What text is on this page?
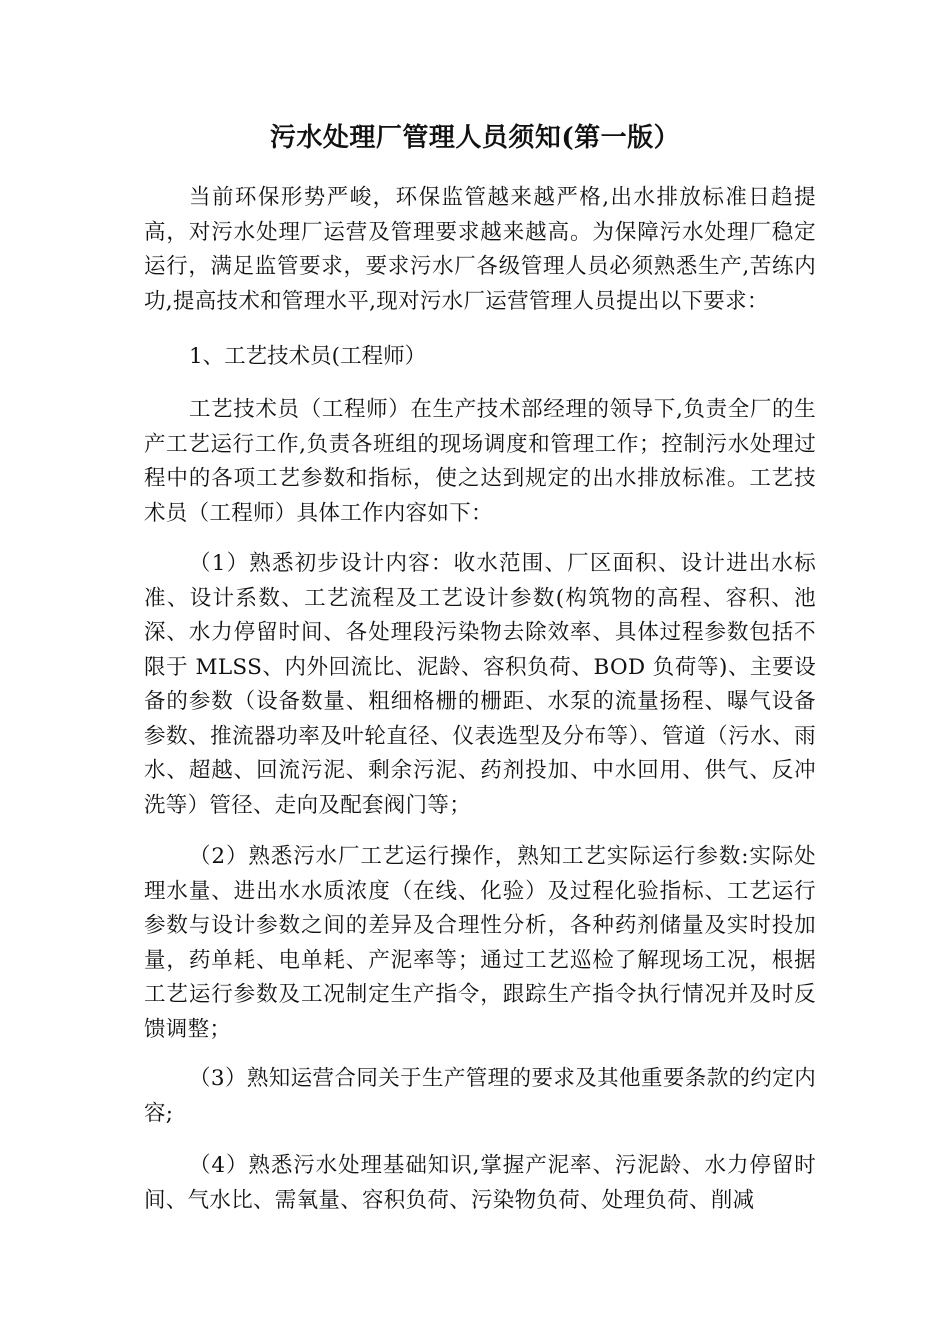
污水处理厂管理人员须知(第一版）

当前环保形势严峻，环保监管越来越严格,出水排放标准日趋提高，对污水处理厂运营及管理要求越来越高。为保障污水处理厂稳定运行，满足监管要求，要求污水厂各级管理人员必须熟悉生产,苦练内功,提高技术和管理水平,现对污水厂运营管理人员提出以下要求：

1、工艺技术员(工程师）

工艺技术员（工程师）在生产技术部经理的领导下,负责全厂的生产工艺运行工作,负责各班组的现场调度和管理工作；控制污水处理过程中的各项工艺参数和指标，使之达到规定的出水排放标准。工艺技术员（工程师）具体工作内容如下：

（1）熟悉初步设计内容：收水范围、厂区面积、设计进出水标准、设计系数、工艺流程及工艺设计参数(构筑物的高程、容积、池深、水力停留时间、各处理段污染物去除效率、具体过程参数包括不限于 MLSS、内外回流比、泥龄、容积负荷、BOD 负荷等)、主要设备的参数（设备数量、粗细格栅的栅距、水泵的流量扬程、曝气设备参数、推流器功率及叶轮直径、仪表选型及分布等）、管道（污水、雨水、超越、回流污泥、剩余污泥、药剂投加、中水回用、供气、反冲洗等）管径、走向及配套阀门等；

（2）熟悉污水厂工艺运行操作，熟知工艺实际运行参数:实际处理水量、进出水水质浓度（在线、化验）及过程化验指标、工艺运行参数与设计参数之间的差异及合理性分析，各种药剂储量及实时投加量，药单耗、电单耗、产泥率等；通过工艺巡检了解现场工况，根据工艺运行参数及工况制定生产指令，跟踪生产指令执行情况并及时反馈调整；

（3）熟知运营合同关于生产管理的要求及其他重要条款的约定内容;

（4）熟悉污水处理基础知识,掌握产泥率、污泥龄、水力停留时间、气水比、需氧量、容积负荷、污染物负荷、处理负荷、削减
